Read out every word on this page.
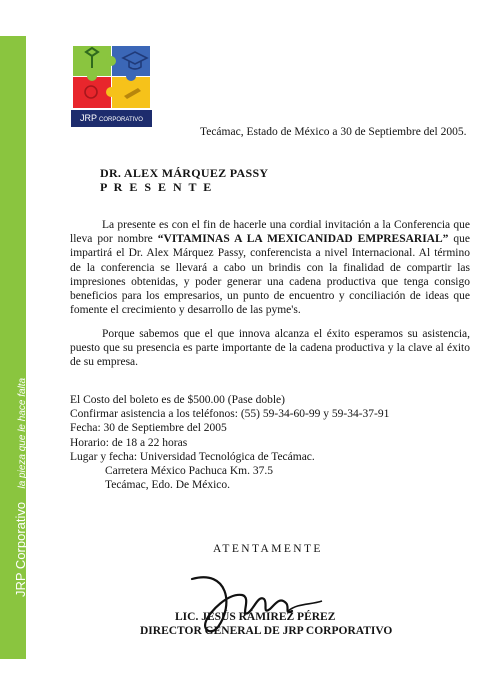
JRP Corporativo la pieza que le hace falta
JRP CORPORATIVO

Tecámac, Estado de México a 30 de Septiembre del 2005.

DR. ALEX MÁRQUEZ PASSY

P R E S E N T E

La presente es con el fin de hacerle una cordial invitación a la Conferencia que lleva por nombre “VITAMINAS A LA MEXICANIDAD EMPRESARIAL” que impartirá el Dr. Alex Márquez Passy, conferencista a nivel Internacional. Al término de la conferencia se llevará a cabo un brindis con la finalidad de compartir las impresiones obtenidas, y poder generar una cadena productiva que tenga consigo beneficios para los empresarios, un punto de encuentro y conciliación de ideas que fomente el crecimiento y desarrollo de las pyme's.

Porque sabemos que el que innova alcanza el éxito esperamos su asistencia, puesto que su presencia es parte importante de la cadena productiva y la clave al éxito de su empresa.

El Costo del boleto es de $500.00 (Pase doble)
Confirmar asistencia a los teléfonos: (55) 59-34-60-99 y 59-34-37-91
Fecha: 30 de Septiembre del 2005
Horario: de 18 a 22 horas
Lugar y fecha: Universidad Tecnológica de Tecámac.
Carretera México Pachuca Km. 37.5
Tecámac, Edo. De México.

ATENTAMENTE

LIC. JESÚS RÁMIREZ PÉREZ

DIRECTOR GENERAL DE JRP CORPORATIVO
